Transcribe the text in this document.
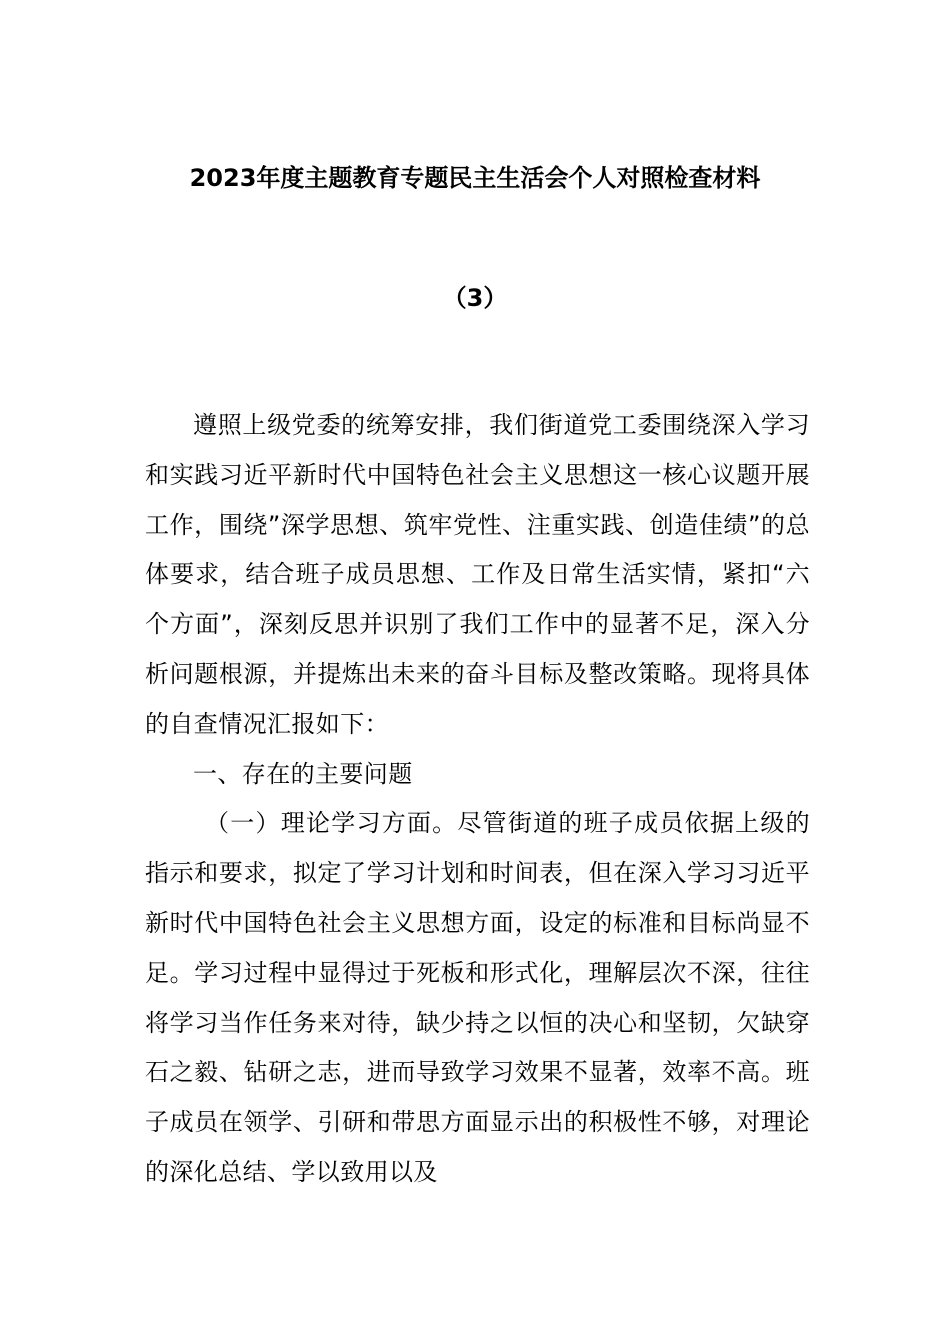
2023年度主题教育专题民主生活会个人对照检查材料
（3）

遵照上级党委的统筹安排，我们街道党工委围绕深入学习和实践习近平新时代中国特色社会主义思想这一核心议题开展工作，围绕”深学思想、筑牢党性、注重实践、创造佳绩”的总体要求，结合班子成员思想、工作及日常生活实情，紧扣“六个方面”，深刻反思并识别了我们工作中的显著不足，深入分析问题根源，并提炼出未来的奋斗目标及整改策略。现将具体的自查情况汇报如下：

一、存在的主要问题

（一）理论学习方面。尽管街道的班子成员依据上级的指示和要求，拟定了学习计划和时间表，但在深入学习习近平新时代中国特色社会主义思想方面，设定的标准和目标尚显不足。学习过程中显得过于死板和形式化，理解层次不深，往往将学习当作任务来对待，缺少持之以恒的决心和坚韧，欠缺穿石之毅、钻研之志，进而导致学习效果不显著，效率不高。班子成员在领学、引研和带思方面显示出的积极性不够，对理论的深化总结、学以致用以及
